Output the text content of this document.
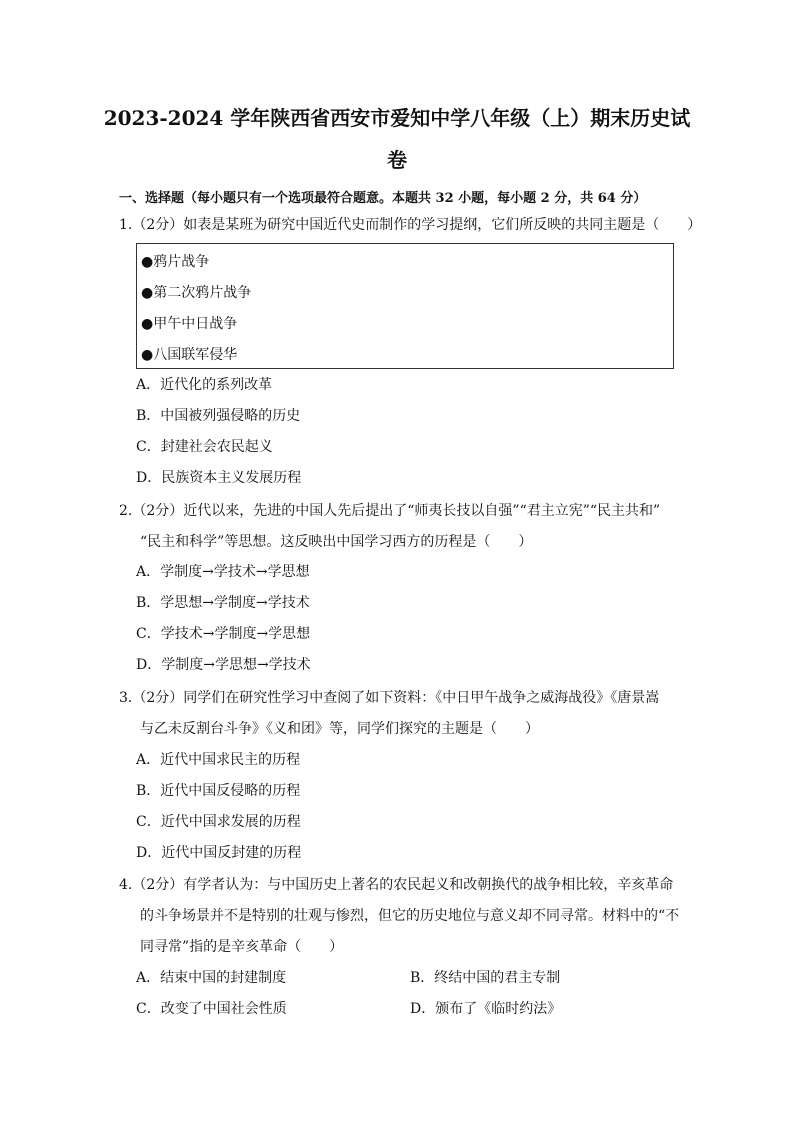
2023-2024 学年陕西省西安市爱知中学八年级（上）期末历史试
卷
一、选择题（每小题只有一个选项最符合题意。本题共 32 小题，每小题 2 分，共 64 分）
1.（2分）如表是某班为研究中国近代史而制作的学习提纲，它们所反映的共同主题是（　　）
●鸦片战争
●第二次鸦片战争
●甲午中日战争
●八国联军侵华
A．近代化的系列改革
B．中国被列强侵略的历史
C．封建社会农民起义
D．民族资本主义发展历程
2.（2分）近代以来，先进的中国人先后提出了“师夷长技以自强”“君主立宪”“民主共和”
“民主和科学”等思想。这反映出中国学习西方的历程是（　　）
A．学制度→学技术→学思想
B．学思想→学制度→学技术
C．学技术→学制度→学思想
D．学制度→学思想→学技术
3.（2分）同学们在研究性学习中查阅了如下资料：《中日甲午战争之威海战役》《唐景嵩
与乙未反割台斗争》《义和团》等，同学们探究的主题是（　　）
A．近代中国求民主的历程
B．近代中国反侵略的历程
C．近代中国求发展的历程
D．近代中国反封建的历程
4.（2分）有学者认为：与中国历史上著名的农民起义和改朝换代的战争相比较，辛亥革命
的斗争场景并不是特别的壮观与惨烈，但它的历史地位与意义却不同寻常。材料中的“不
同寻常”指的是辛亥革命（　　）
A．结束中国的封建制度	B．终结中国的君主专制
C．改变了中国社会性质	D．颁布了《临时约法》
